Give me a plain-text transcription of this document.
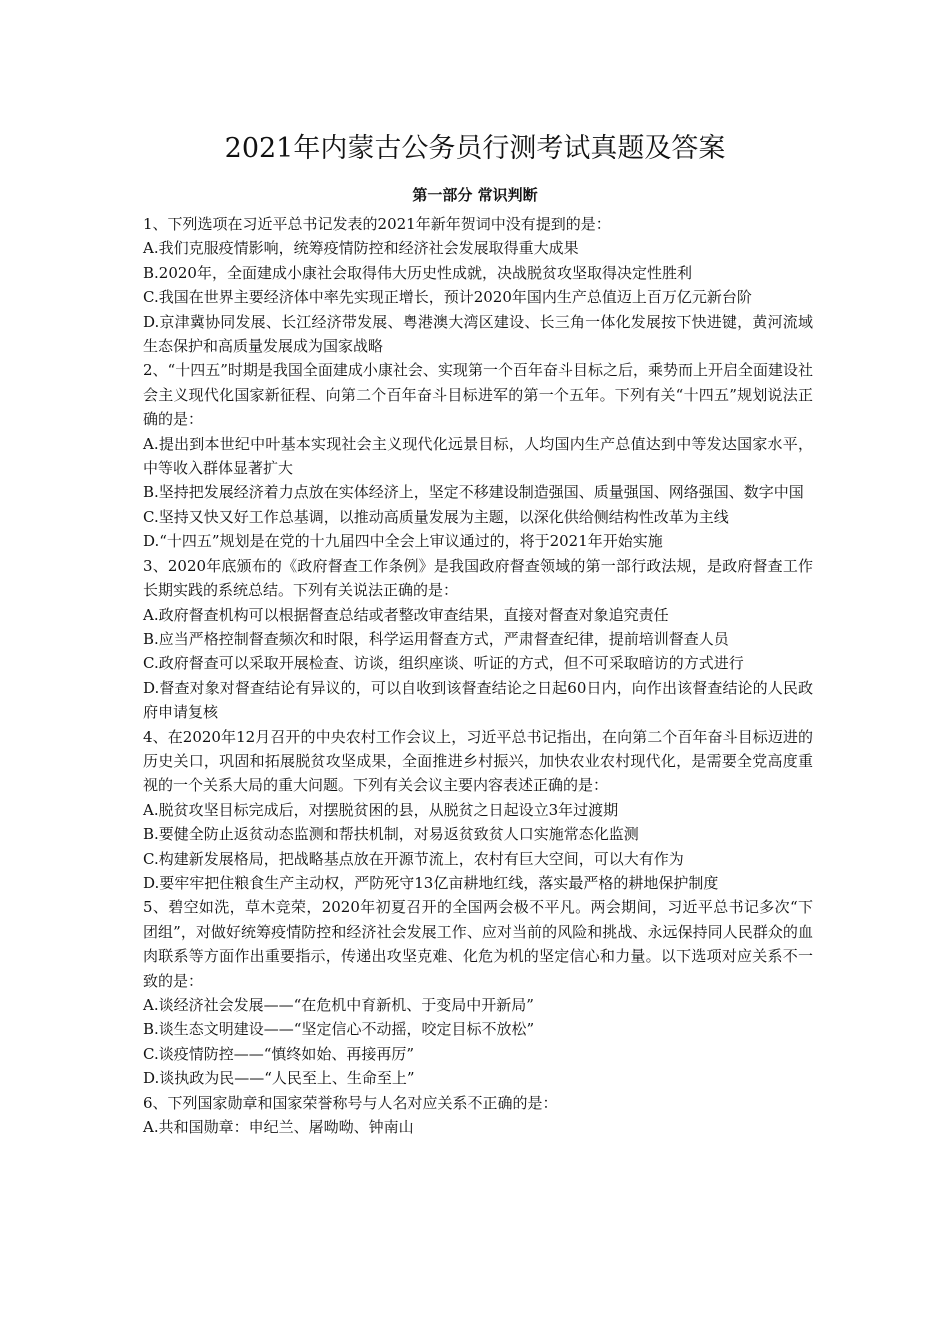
2021年内蒙古公务员行测考试真题及答案
第一部分 常识判断

1、下列选项在习近平总书记发表的2021年新年贺词中没有提到的是：

A.我们克服疫情影响，统筹疫情防控和经济社会发展取得重大成果

B.2020年，全面建成小康社会取得伟大历史性成就，决战脱贫攻坚取得决定性胜利

C.我国在世界主要经济体中率先实现正增长，预计2020年国内生产总值迈上百万亿元新台阶

D.京津冀协同发展、长江经济带发展、粤港澳大湾区建设、长三角一体化发展按下快进键，黄河流域生态保护和高质量发展成为国家战略

2、“十四五”时期是我国全面建成小康社会、实现第一个百年奋斗目标之后，乘势而上开启全面建设社会主义现代化国家新征程、向第二个百年奋斗目标进军的第一个五年。下列有关“十四五”规划说法正确的是：

A.提出到本世纪中叶基本实现社会主义现代化远景目标，人均国内生产总值达到中等发达国家水平，中等收入群体显著扩大

B.坚持把发展经济着力点放在实体经济上，坚定不移建设制造强国、质量强国、网络强国、数字中国

C.坚持又快又好工作总基调，以推动高质量发展为主题，以深化供给侧结构性改革为主线

D.“十四五”规划是在党的十九届四中全会上审议通过的，将于2021年开始实施

3、2020年底颁布的《政府督查工作条例》是我国政府督查领域的第一部行政法规，是政府督查工作长期实践的系统总结。下列有关说法正确的是：

A.政府督查机构可以根据督查总结或者整改审查结果，直接对督查对象追究责任

B.应当严格控制督查频次和时限，科学运用督查方式，严肃督查纪律，提前培训督查人员

C.政府督查可以采取开展检查、访谈，组织座谈、听证的方式，但不可采取暗访的方式进行

D.督查对象对督查结论有异议的，可以自收到该督查结论之日起60日内，向作出该督查结论的人民政府申请复核

4、在2020年12月召开的中央农村工作会议上，习近平总书记指出，在向第二个百年奋斗目标迈进的历史关口，巩固和拓展脱贫攻坚成果，全面推进乡村振兴，加快农业农村现代化，是需要全党高度重视的一个关系大局的重大问题。下列有关会议主要内容表述正确的是：

A.脱贫攻坚目标完成后，对摆脱贫困的县，从脱贫之日起设立3年过渡期

B.要健全防止返贫动态监测和帮扶机制，对易返贫致贫人口实施常态化监测

C.构建新发展格局，把战略基点放在开源节流上，农村有巨大空间，可以大有作为

D.要牢牢把住粮食生产主动权，严防死守13亿亩耕地红线，落实最严格的耕地保护制度

5、碧空如洗，草木竞荣，2020年初夏召开的全国两会极不平凡。两会期间，习近平总书记多次“下团组”，对做好统筹疫情防控和经济社会发展工作、应对当前的风险和挑战、永远保持同人民群众的血肉联系等方面作出重要指示，传递出攻坚克难、化危为机的坚定信心和力量。以下选项对应关系不一致的是：

A.谈经济社会发展——“在危机中育新机、于变局中开新局”

B.谈生态文明建设——“坚定信心不动摇，咬定目标不放松”

C.谈疫情防控——“慎终如始、再接再厉”

D.谈执政为民——“人民至上、生命至上”

6、下列国家勋章和国家荣誉称号与人名对应关系不正确的是：

A.共和国勋章：申纪兰、屠呦呦、钟南山
